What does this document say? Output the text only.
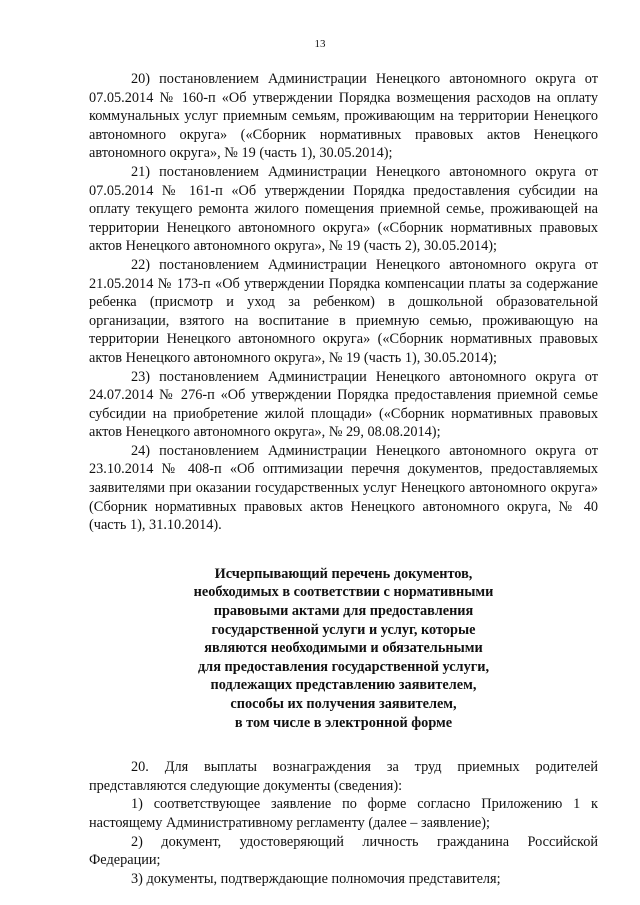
13

20) постановлением Администрации Ненецкого автономного округа от 07.05.2014 № 160-п «Об утверждении Порядка возмещения расходов на оплату коммунальных услуг приемным семьям, проживающим на территории Ненецкого автономного округа» («Сборник нормативных правовых актов Ненецкого автономного округа», № 19 (часть 1), 30.05.2014);

21) постановлением Администрации Ненецкого автономного округа от 07.05.2014 № 161-п «Об утверждении Порядка предоставления субсидии на оплату текущего ремонта жилого помещения приемной семье, проживающей на территории Ненецкого автономного округа» («Сборник нормативных правовых актов Ненецкого автономного округа», № 19 (часть 2), 30.05.2014);

22) постановлением Администрации Ненецкого автономного округа от 21.05.2014 № 173-п «Об утверждении Порядка компенсации платы за содержание ребенка (присмотр и уход за ребенком) в дошкольной образовательной организации, взятого на воспитание в приемную семью, проживающую на территории Ненецкого автономного округа» («Сборник нормативных правовых актов Ненецкого автономного округа», № 19 (часть 1), 30.05.2014);

23) постановлением Администрации Ненецкого автономного округа от 24.07.2014 № 276-п «Об утверждении Порядка предоставления приемной семье субсидии на приобретение жилой площади» («Сборник нормативных правовых актов Ненецкого автономного округа», № 29, 08.08.2014);

24) постановлением Администрации Ненецкого автономного округа от 23.10.2014 № 408-п «Об оптимизации перечня документов, предоставляемых заявителями при оказании государственных услуг Ненецкого автономного округа» (Сборник нормативных правовых актов Ненецкого автономного округа, № 40 (часть 1), 31.10.2014).

Исчерпывающий перечень документов,
необходимых в соответствии с нормативными
правовыми актами для предоставления
государственной услуги и услуг, которые
являются необходимыми и обязательными
для предоставления государственной услуги,
подлежащих представлению заявителем,
способы их получения заявителем,
в том числе в электронной форме

20. Для выплаты вознаграждения за труд приемных родителей представляются следующие документы (сведения):

1) соответствующее заявление по форме согласно Приложению 1 к настоящему Административному регламенту (далее – заявление);

2) документ, удостоверяющий личность гражданина Российской Федерации;

3) документы, подтверждающие полномочия представителя;
